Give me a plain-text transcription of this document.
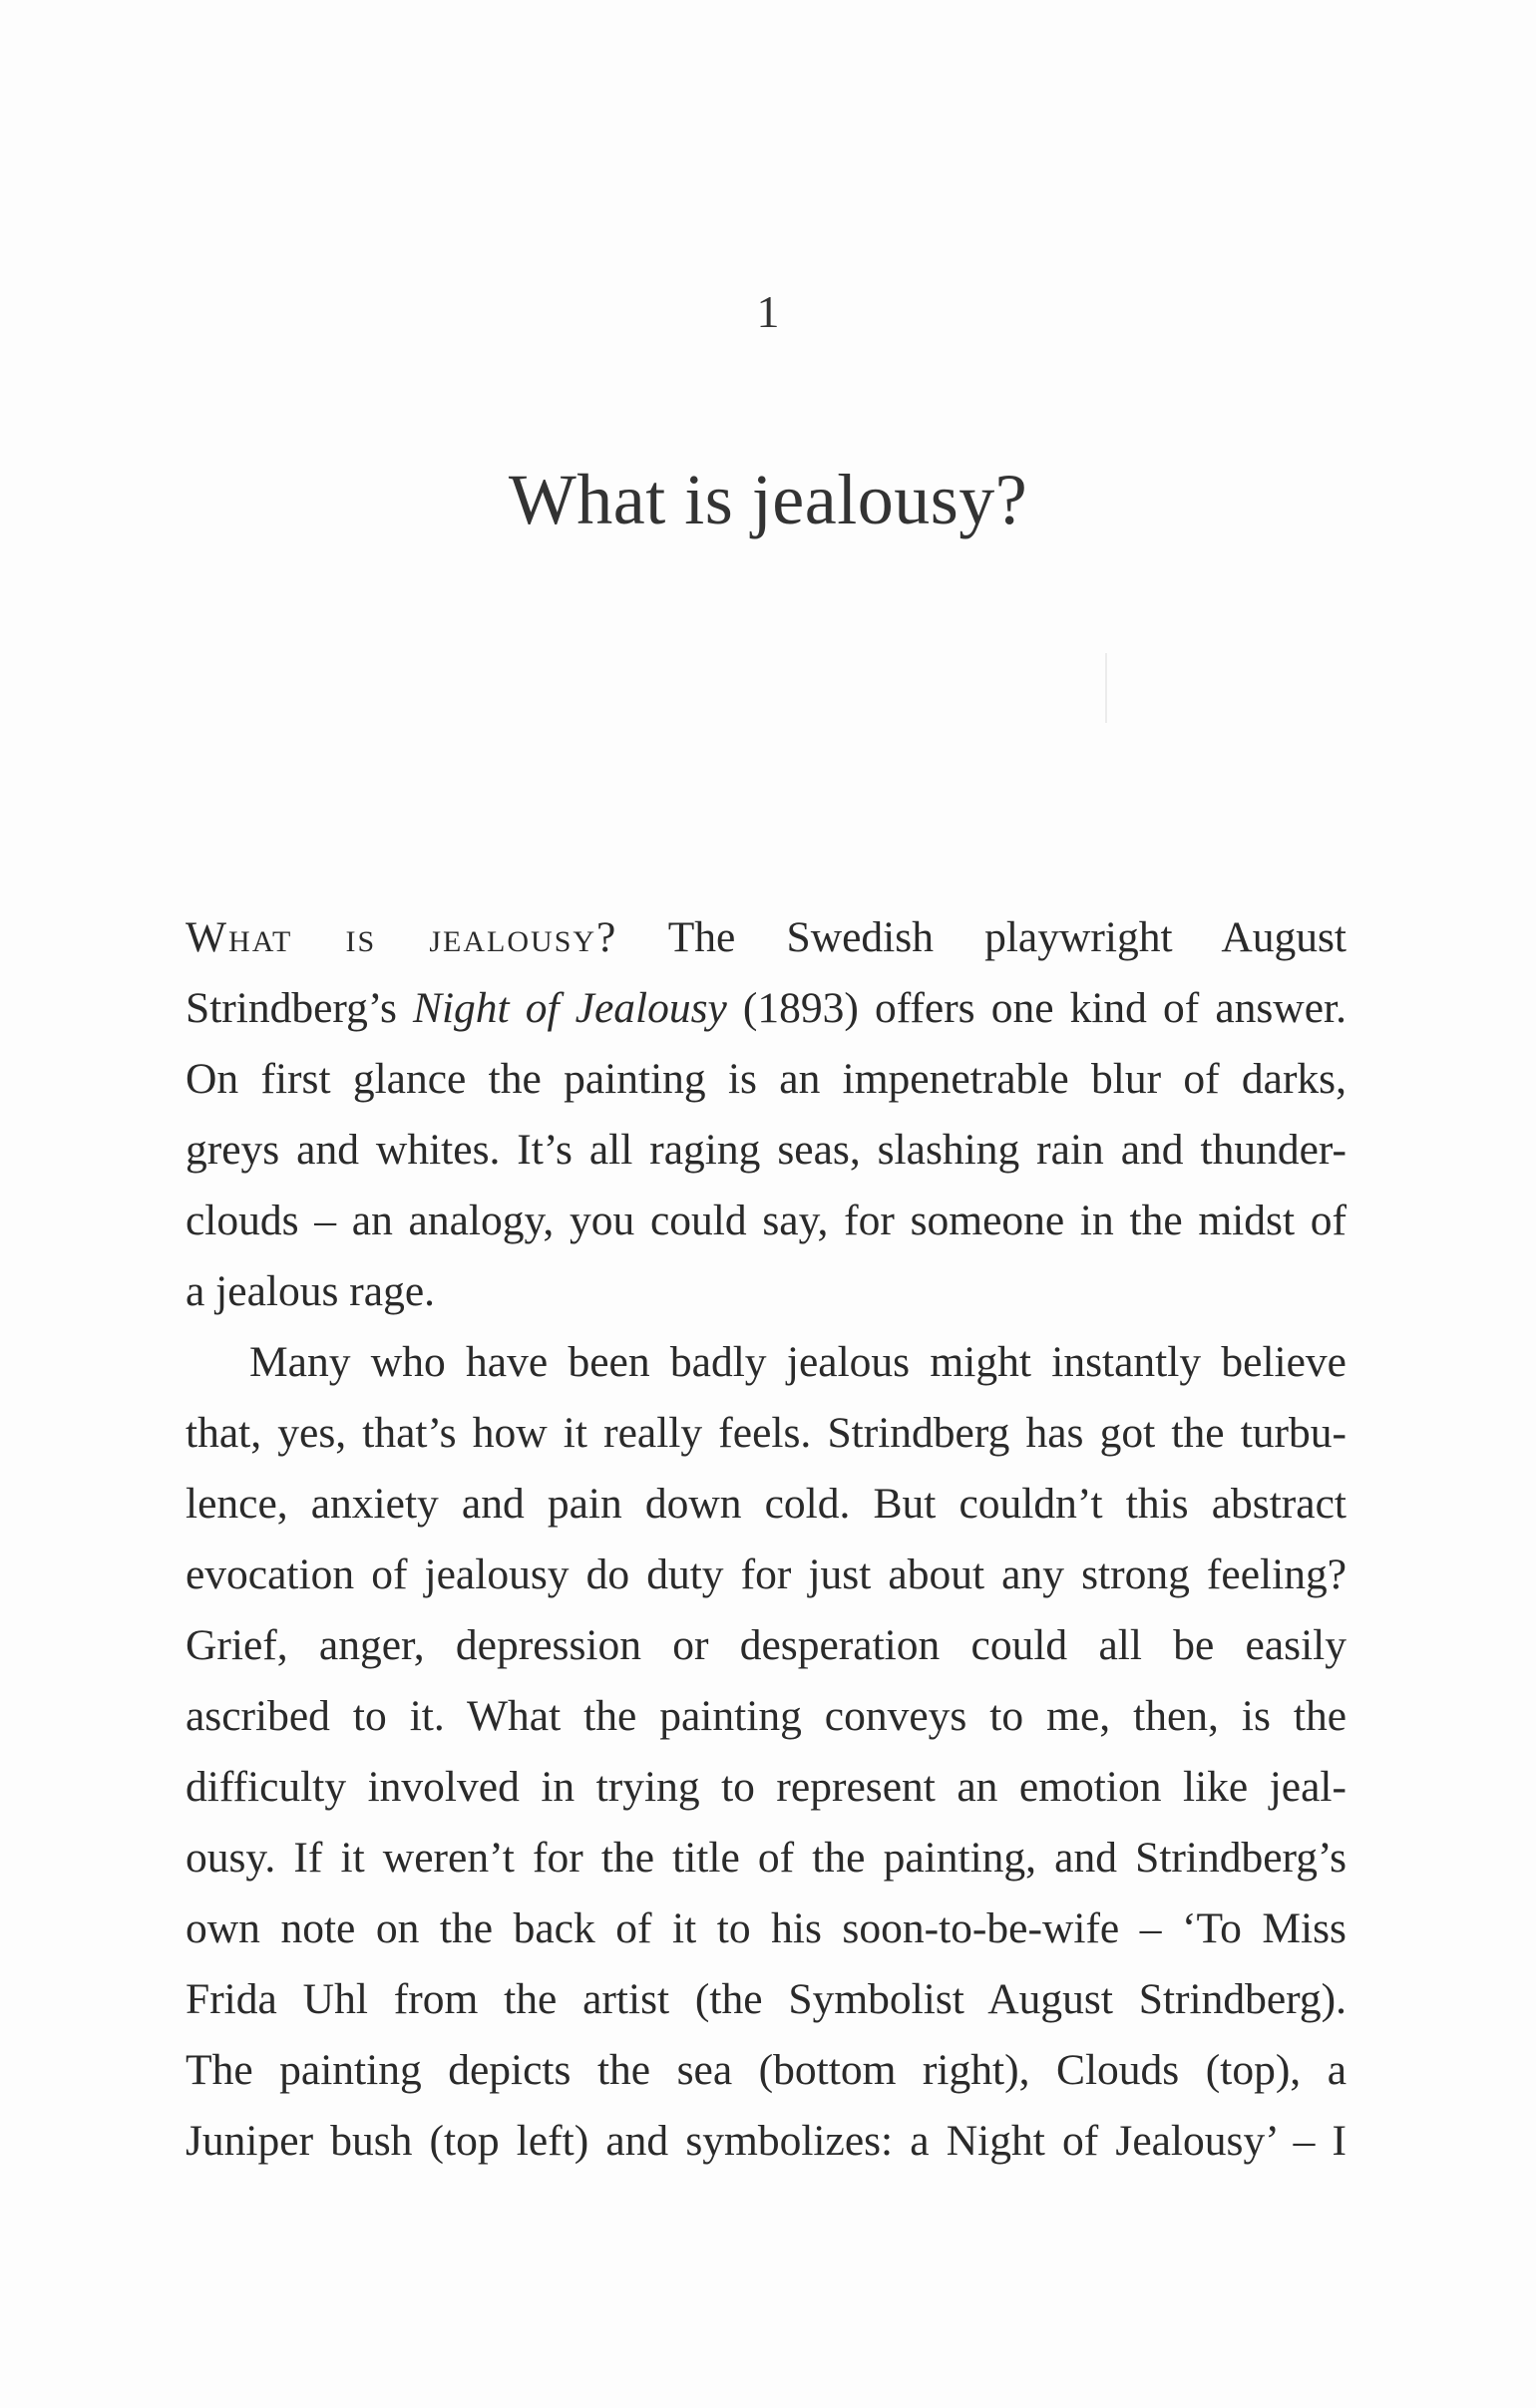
1
What is jealousy?
What is jealousy? The Swedish playwright August
Strindberg’s Night of Jealousy (1893) offers one kind of answer.
On first glance the painting is an impenetrable blur of darks,
greys and whites. It’s all raging seas, slashing rain and thunder-
clouds – an analogy, you could say, for someone in the midst of
a jealous rage.
Many who have been badly jealous might instantly believe
that, yes, that’s how it really feels. Strindberg has got the turbu-
lence, anxiety and pain down cold. But couldn’t this abstract
evocation of jealousy do duty for just about any strong feeling?
Grief, anger, depression or desperation could all be easily
ascribed to it. What the painting conveys to me, then, is the
difficulty involved in trying to represent an emotion like jeal-
ousy. If it weren’t for the title of the painting, and Strindberg’s
own note on the back of it to his soon-to-be-wife – ‘To Miss
Frida Uhl from the artist (the Symbolist August Strindberg).
The painting depicts the sea (bottom right), Clouds (top), a
Juniper bush (top left) and symbolizes: a Night of Jealousy’ – I
